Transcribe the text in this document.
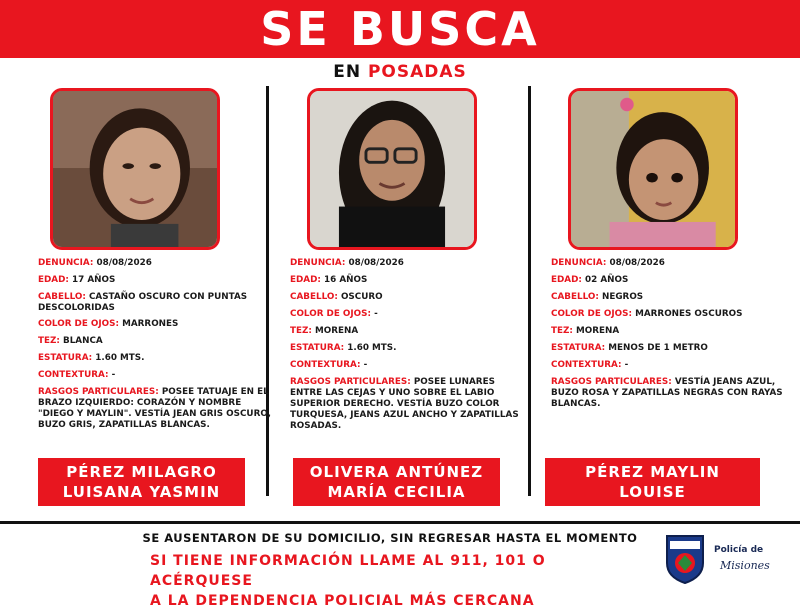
SE BUSCA
EN POSADAS
DENUNCIA: 08/08/2026
EDAD: 17 AÑOS
CABELLO: CASTAÑO OSCURO CON PUNTAS DESCOLORIDAS
COLOR DE OJOS: MARRONES
TEZ: BLANCA
ESTATURA: 1.60 MTS.
CONTEXTURA: -
RASGOS PARTICULARES: POSEE TATUAJE EN EL BRAZO IZQUIERDO: CORAZÓN Y NOMBRE "DIEGO Y MAYLIN". VESTÍA JEAN GRIS OSCURO, BUZO GRIS, ZAPATILLAS BLANCAS.
PÉREZ MILAGRO
LUISANA YASMIN
DENUNCIA: 08/08/2026
EDAD: 16 AÑOS
CABELLO: OSCURO
COLOR DE OJOS: -
TEZ: MORENA
ESTATURA: 1.60 MTS.
CONTEXTURA: -
RASGOS PARTICULARES: POSEE LUNARES ENTRE LAS CEJAS Y UNO SOBRE EL LABIO SUPERIOR DERECHO. VESTÍA BUZO COLOR TURQUESA, JEANS AZUL ANCHO Y ZAPATILLAS ROSADAS.
OLIVERA ANTÚNEZ
MARÍA CECILIA
DENUNCIA: 08/08/2026
EDAD: 02 AÑOS
CABELLO: NEGROS
COLOR DE OJOS: MARRONES OSCUROS
TEZ: MORENA
ESTATURA: MENOS DE 1 METRO
CONTEXTURA: -
RASGOS PARTICULARES: VESTÍA JEANS AZUL, BUZO ROSA Y ZAPATILLAS NEGRAS CON RAYAS BLANCAS.
PÉREZ MAYLIN
LOUISE
SE AUSENTARON DE SU DOMICILIO, SIN REGRESAR HASTA EL MOMENTO
SI TIENE INFORMACIÓN LLAME AL 911, 101 O ACÉRQUESE
A LA DEPENDENCIA POLICIAL MÁS CERCANA
Policía de
Misiones
